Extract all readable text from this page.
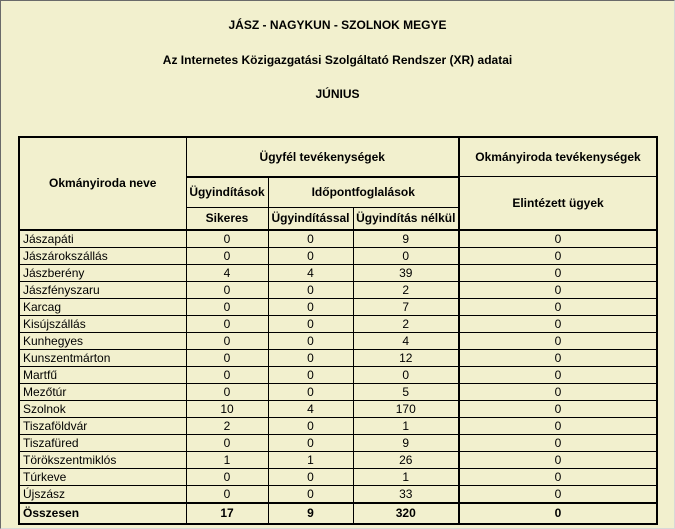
JÁSZ - NAGYKUN - SZOLNOK MEGYE
Az Internetes Közigazgatási Szolgáltató Rendszer (XR) adatai
JÚNIUS
Okmányiroda neve	Ügyfél tevékenységek			Okmányiroda tevékenységek
	Ügyindítások	Időpontfoglalások		Elintézett ügyek
	Sikeres	Ügyindítással	Ügyindítás nélkül	
Jászapáti	0	0	9	0
Jászárokszállás	0	0	0	0
Jászberény	4	4	39	0
Jászfényszaru	0	0	2	0
Karcag	0	0	7	0
Kisújszállás	0	0	2	0
Kunhegyes	0	0	4	0
Kunszentmárton	0	0	12	0
Martfű	0	0	0	0
Mezőtúr	0	0	5	0
Szolnok	10	4	170	0
Tiszaföldvár	2	0	1	0
Tiszafüred	0	0	9	0
Törökszentmiklós	1	1	26	0
Túrkeve	0	0	1	0
Újszász	0	0	33	0
Összesen	17	9	320	0
